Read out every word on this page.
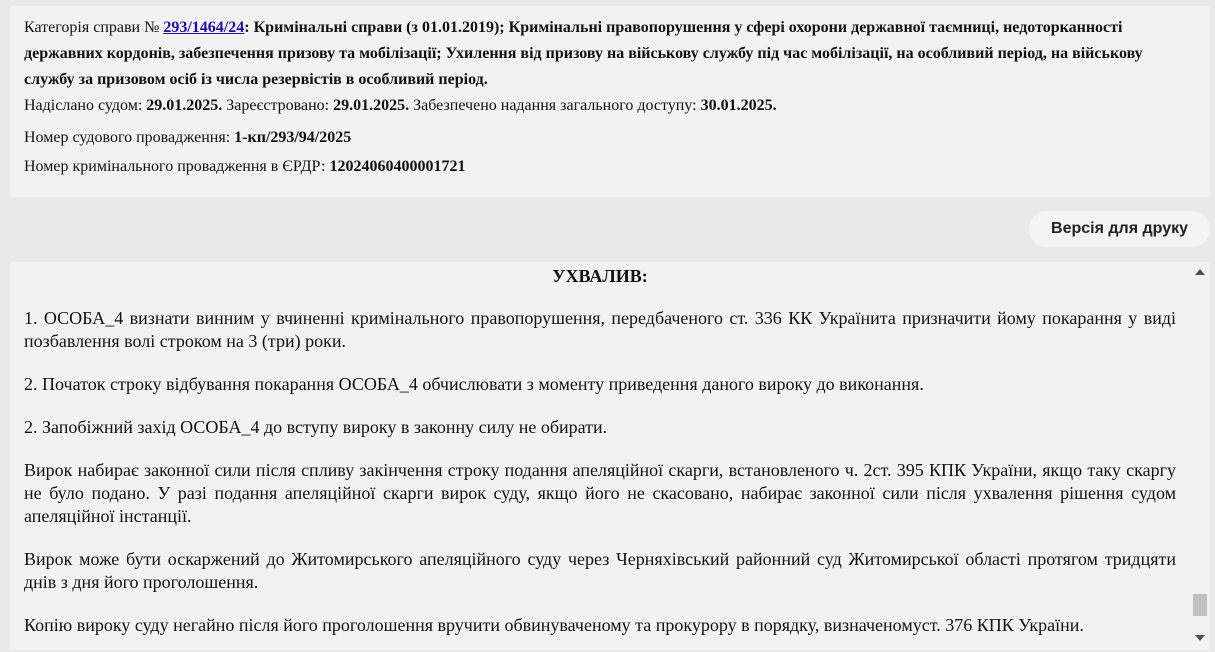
Категорія справи № 293/1464/24: Кримінальні справи (з 01.01.2019); Кримінальні правопорушення у сфері охорони державної таємниці, недоторканності державних кордонів, забезпечення призову та мобілізації; Ухилення від призову на військову службу під час мобілізації, на особливий період, на військову службу за призовом осіб із числа резервістів в особливий період.

Надіслано судом: 29.01.2025. Зареєстровано: 29.01.2025. Забезпечено надання загального доступу: 30.01.2025.

Номер судового провадження: 1-кп/293/94/2025

Номер кримінального провадження в ЄРДР: 12024060400001721

Версія для друку
УХВАЛИВ:

1. ОСОБА_4 визнати винним у вчиненні кримінального правопорушення, передбаченого ст. 336 КК Українита призначити йому покарання у виді позбавлення волі строком на 3 (три) роки.

2. Початок строку відбування покарання ОСОБА_4 обчислювати з моменту приведення даного вироку до виконання.

2. Запобіжний захід ОСОБА_4 до вступу вироку в законну силу не обирати.

Вирок набирає законної сили після спливу закінчення строку подання апеляційної скарги, встановленого ч. 2ст. 395 КПК України, якщо таку скаргу не було подано. У разі подання апеляційної скарги вирок суду, якщо його не скасовано, набирає законної сили після ухвалення рішення судом апеляційної інстанції.

Вирок може бути оскаржений до Житомирського апеляційного суду через Черняхівський районний суд Житомирської області протягом тридцяти днів з дня його проголошення.

Копію вироку суду негайно після його проголошення вручити обвинуваченому та прокурору в порядку, визначеномуст. 376 КПК України.
